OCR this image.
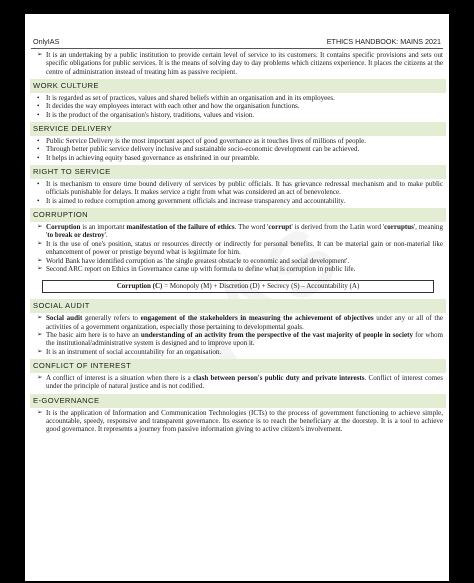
OnlyIAS	ETHICS HANDBOOK: MAINS 2021
➢ It is an undertaking by a public institution to provide certain level of service to its customers. It contains specific provisions and sets out specific obligations for public services. It is the means of solving day to day problems which citizens experience. It places the citizens at the centre of administration instead of treating him as passive recipient.
WORK CULTURE
• It is regarded as set of practices, values and shared beliefs within an organisation and in its employees.
• It decides the way employees interact with each other and how the organisation functions.
• It is the product of the organisation's history, traditions, values and vision.
SERVICE DELIVERY
• Public Service Delivery is the most important aspect of good governance as it touches lives of millions of people.
• Through better public service delivery inclusive and sustainable socio-economic development can be achieved.
• It helps in achieving equity based governance as enshrined in our preamble.
RIGHT TO SERVICE
• It is mechanism to ensure time bound delivery of services by public officials. It has grievance redressal mechanism and to make public officials punishable for delays. It makes service a right from what was considered an act of benevolence.
• It is aimed to reduce corruption among government officials and increase transparency and accountability.
CORRUPTION
➢ Corruption is an important manifestation of the failure of ethics. The word 'corrupt' is derived from the Latin word 'corruptus', meaning 'to break or destroy'.
➢ It is the use of one's position, status or resources directly or indirectly for personal benefits. It can be material gain or non-material like enhancement of power or prestige beyond what is legitimate for him.
➢ World Bank have identified corruption as 'the single greatest obstacle to economic and social development'.
➢ Second ARC report on Ethics in Governance came up with formula to define what is corruption in public life.
Corruption (C) = Monopoly (M) + Discretion (D) + Secrecy (S) – Accountability (A)
SOCIAL AUDIT
➢ Social audit generally refers to engagement of the stakeholders in measuring the achievement of objectives under any or all of the activities of a government organization, especially those pertaining to developmental goals.
➢ The basic aim here is to have an understanding of an activity from the perspective of the vast majority of people in society for whom the institutional/administrative system is designed and to improve upon it.
➢ It is an instrument of social accountability for an organisation.
CONFLICT OF INTEREST
➢ A conflict of interest is a situation when there is a clash between person's public duty and private interests. Conflict of interest comes under the principle of natural justice and is not codified.
E-GOVERNANCE
➢ It is the application of Information and Communication Technologies (ICTs) to the process of government functioning to achieve simple, accountable, speedy, responsive and transparent governance. Its essence is to reach the beneficiary at the doorstep. It is a tool to achieve good governance. It represents a journey from passive information giving to active citizen's involvement.
